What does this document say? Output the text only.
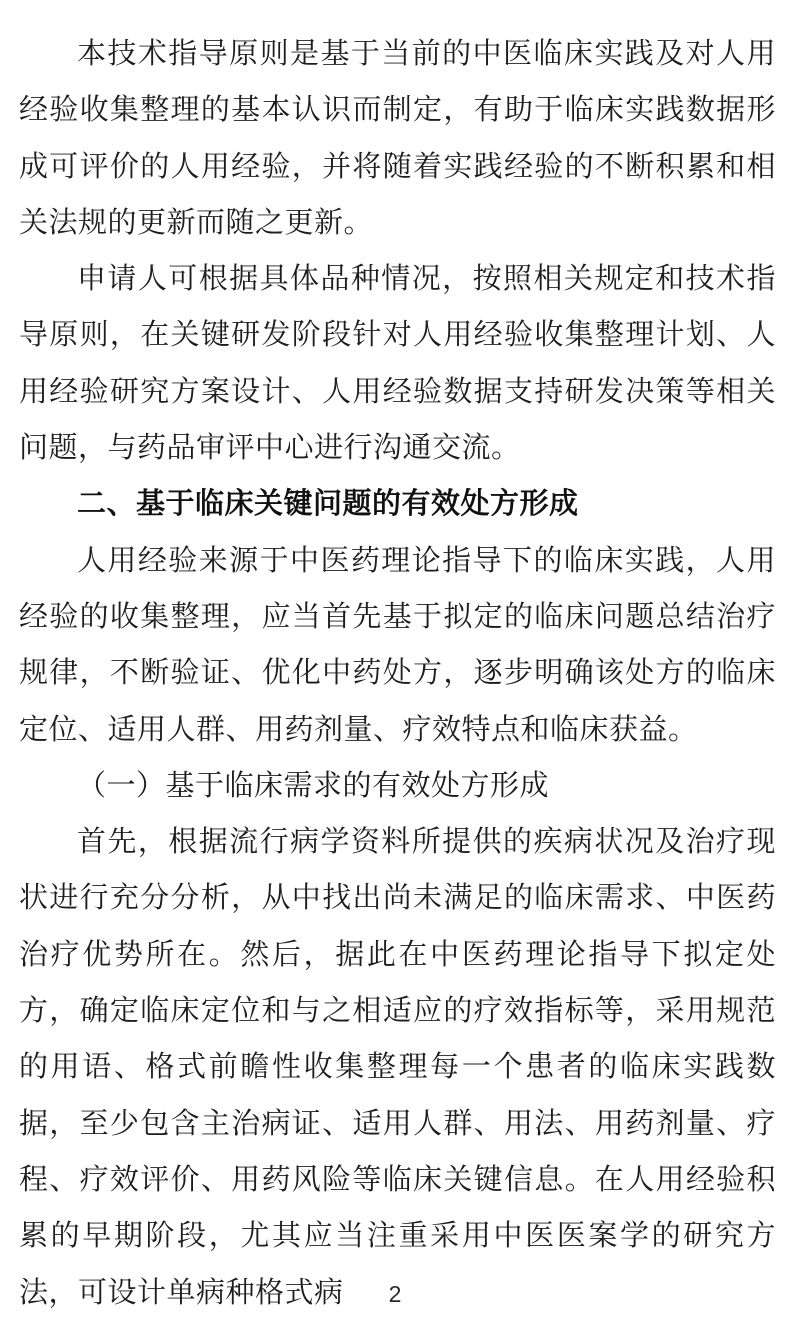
本技术指导原则是基于当前的中医临床实践及对人用经验收集整理的基本认识而制定，有助于临床实践数据形成可评价的人用经验，并将随着实践经验的不断积累和相关法规的更新而随之更新。

申请人可根据具体品种情况，按照相关规定和技术指导原则，在关键研发阶段针对人用经验收集整理计划、人用经验研究方案设计、人用经验数据支持研发决策等相关问题，与药品审评中心进行沟通交流。

二、基于临床关键问题的有效处方形成

人用经验来源于中医药理论指导下的临床实践，人用经验的收集整理，应当首先基于拟定的临床问题总结治疗规律，不断验证、优化中药处方，逐步明确该处方的临床定位、适用人群、用药剂量、疗效特点和临床获益。

（一）基于临床需求的有效处方形成

首先，根据流行病学资料所提供的疾病状况及治疗现状进行充分分析，从中找出尚未满足的临床需求、中医药治疗优势所在。然后，据此在中医药理论指导下拟定处方，确定临床定位和与之相适应的疗效指标等，采用规范的用语、格式前瞻性收集整理每一个患者的临床实践数据，至少包含主治病证、适用人群、用法、用药剂量、疗程、疗效评价、用药风险等临床关键信息。在人用经验积累的早期阶段，尤其应当注重采用中医医案学的研究方法，可设计单病种格式病	2
